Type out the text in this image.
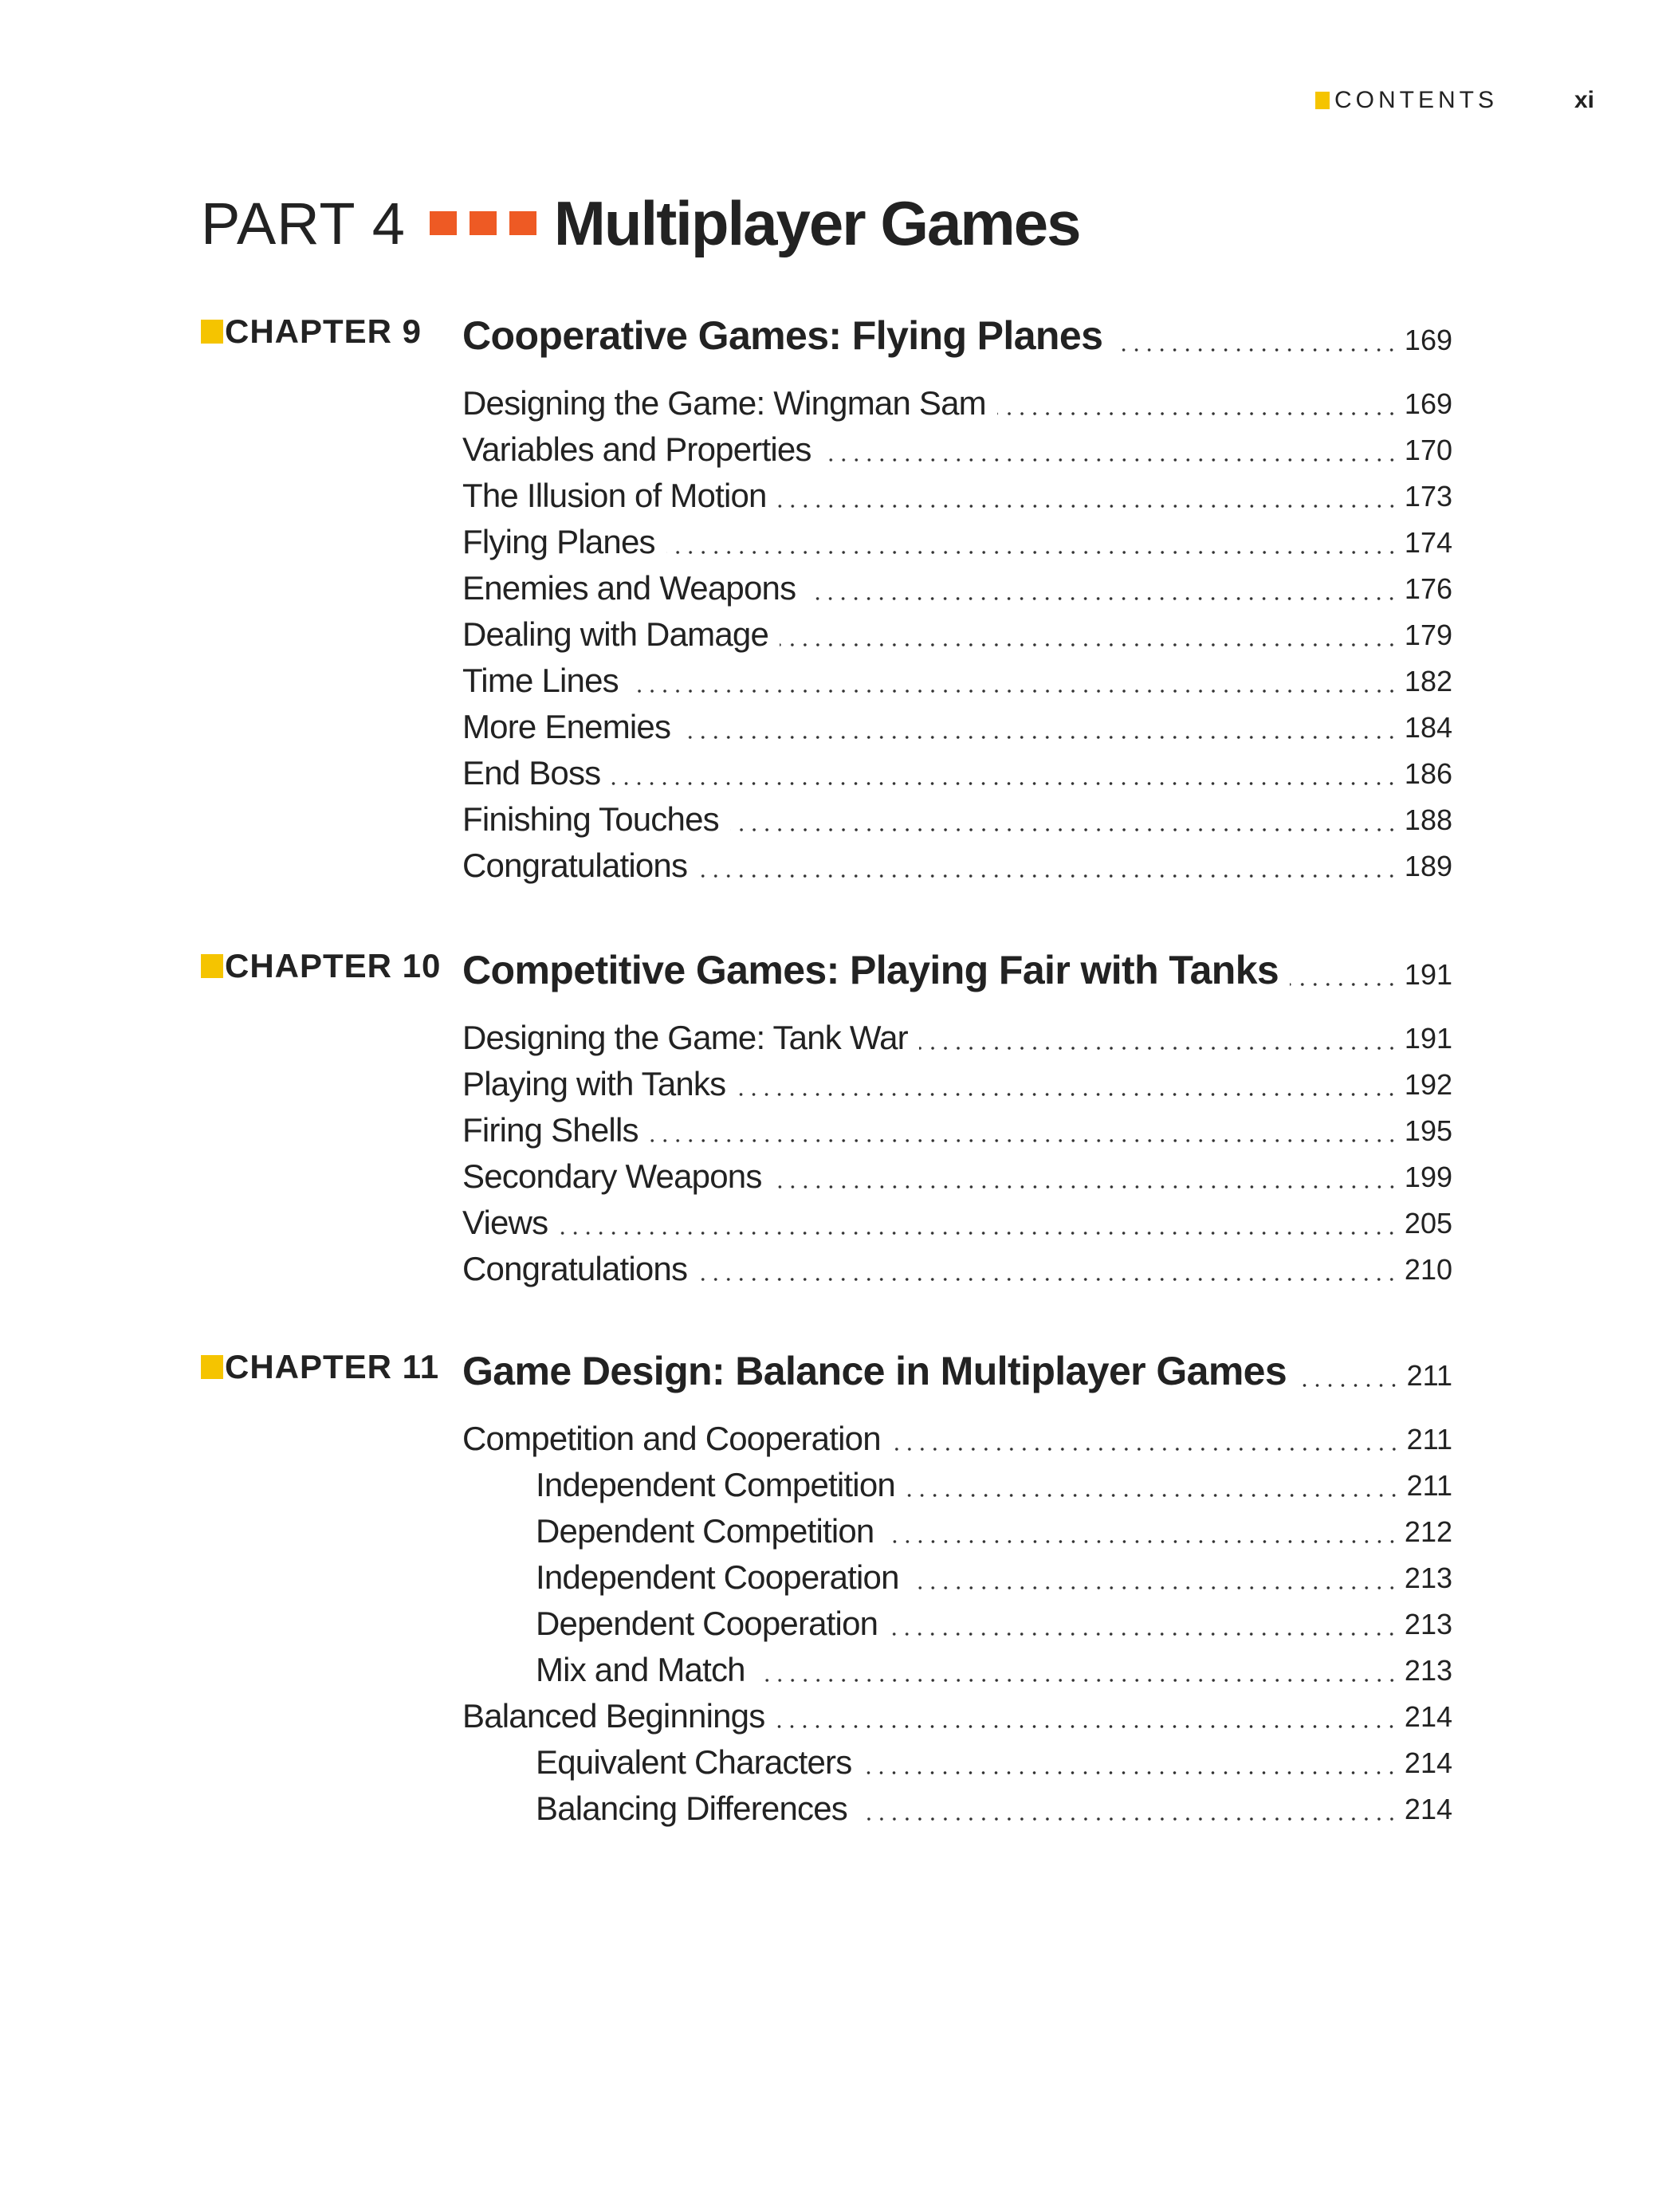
CONTENTS	xi
PART 4 Multiplayer Games
CHAPTER 9 Cooperative Games: Flying Planes	169
Designing the Game: Wingman Sam	169
Variables and Properties	170
The Illusion of Motion	173
Flying Planes	174
Enemies and Weapons	176
Dealing with Damage	179
Time Lines	182
More Enemies	184
End Boss	186
Finishing Touches	188
Congratulations	189
CHAPTER 10 Competitive Games: Playing Fair with Tanks	191
Designing the Game: Tank War	191
Playing with Tanks	192
Firing Shells	195
Secondary Weapons	199
Views	205
Congratulations	210
CHAPTER 11 Game Design: Balance in Multiplayer Games	211
Competition and Cooperation	211
Independent Competition	211
Dependent Competition	212
Independent Cooperation	213
Dependent Cooperation	213
Mix and Match	213
Balanced Beginnings	214
Equivalent Characters	214
Balancing Differences	214
